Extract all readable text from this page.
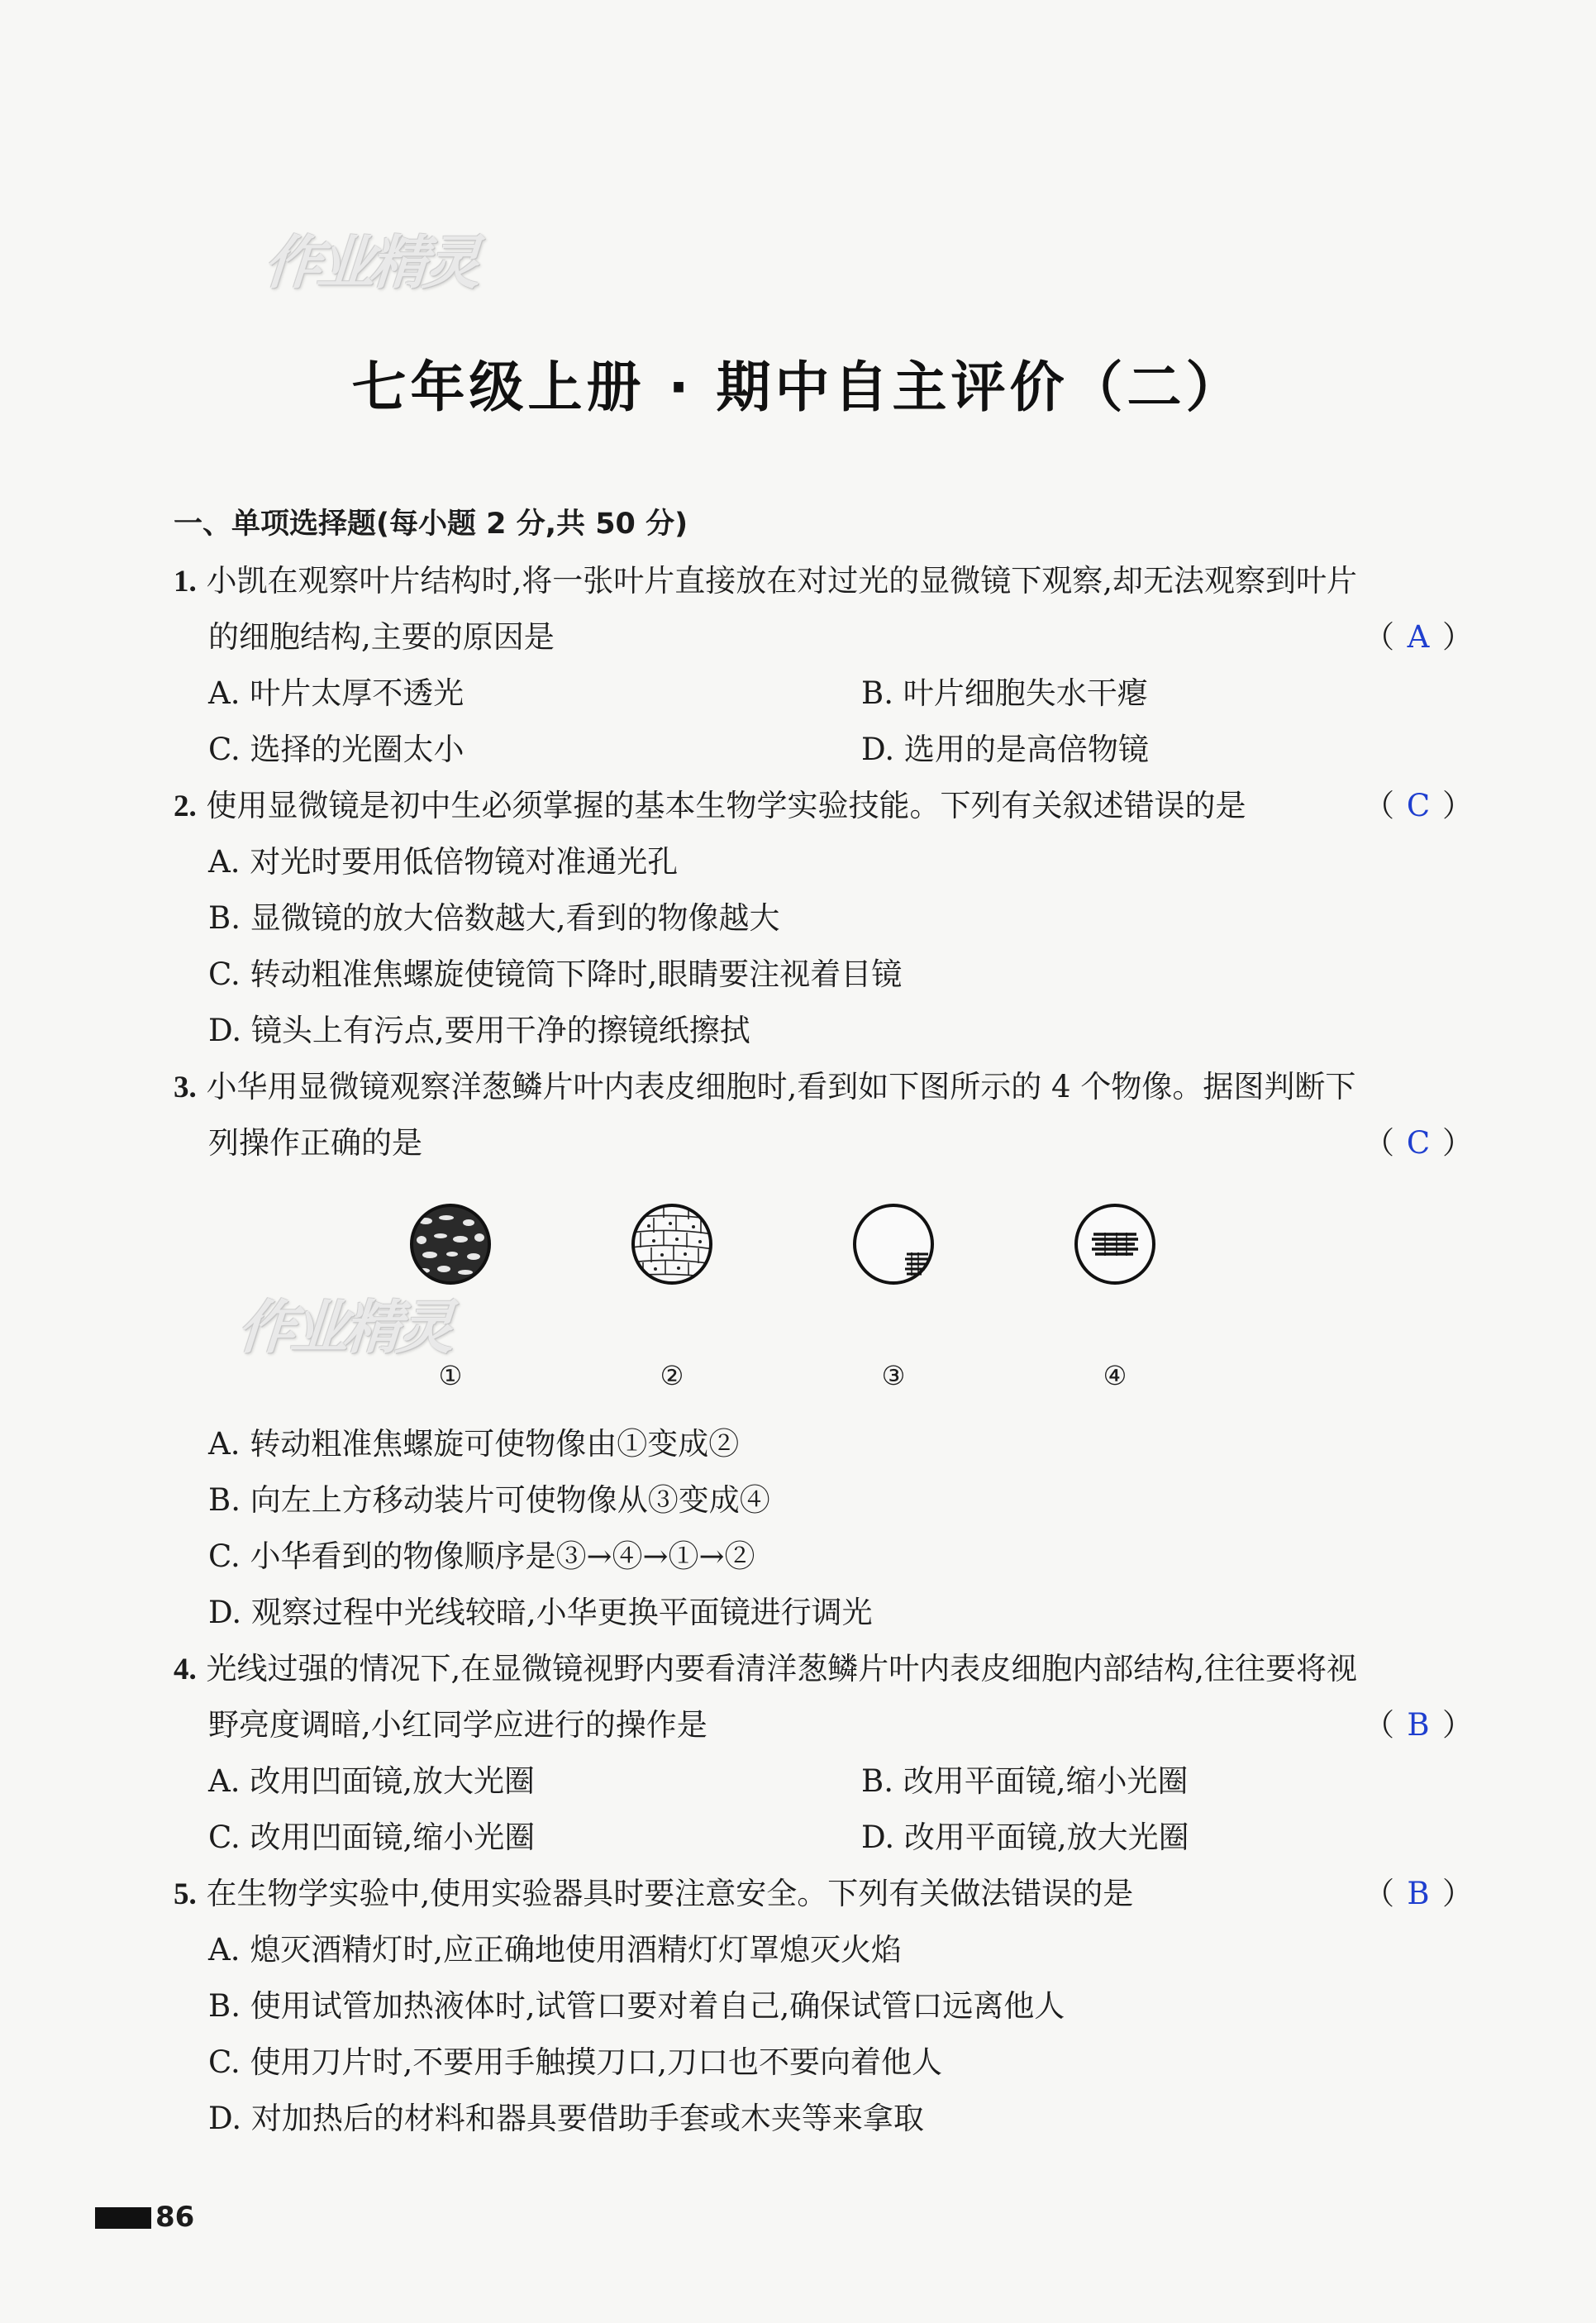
作业精灵
七年级上册 · 期中自主评价（二）
一、单项选择题(每小题 2 分,共 50 分)
1. 小凯在观察叶片结构时,将一张叶片直接放在对过光的显微镜下观察,却无法观察到叶片
的细胞结构,主要的原因是	（ A ）
A. 叶片太厚不透光	B. 叶片细胞失水干瘪
C. 选择的光圈太小	D. 选用的是高倍物镜
2. 使用显微镜是初中生必须掌握的基本生物学实验技能。下列有关叙述错误的是	（ C ）
A. 对光时要用低倍物镜对准通光孔
B. 显微镜的放大倍数越大,看到的物像越大
C. 转动粗准焦螺旋使镜筒下降时,眼睛要注视着目镜
D. 镜头上有污点,要用干净的擦镜纸擦拭
3. 小华用显微镜观察洋葱鳞片叶内表皮细胞时,看到如下图所示的 4 个物像。据图判断下
列操作正确的是	（ C ）
①	②	③	④
作业精灵
A. 转动粗准焦螺旋可使物像由①变成②
B. 向左上方移动装片可使物像从③变成④
C. 小华看到的物像顺序是③→④→①→②
D. 观察过程中光线较暗,小华更换平面镜进行调光
4. 光线过强的情况下,在显微镜视野内要看清洋葱鳞片叶内表皮细胞内部结构,往往要将视
野亮度调暗,小红同学应进行的操作是	（ B ）
A. 改用凹面镜,放大光圈	B. 改用平面镜,缩小光圈
C. 改用凹面镜,缩小光圈	D. 改用平面镜,放大光圈
5. 在生物学实验中,使用实验器具时要注意安全。下列有关做法错误的是	（ B ）
A. 熄灭酒精灯时,应正确地使用酒精灯灯罩熄灭火焰
B. 使用试管加热液体时,试管口要对着自己,确保试管口远离他人
C. 使用刀片时,不要用手触摸刀口,刀口也不要向着他人
D. 对加热后的材料和器具要借助手套或木夹等来拿取
86
